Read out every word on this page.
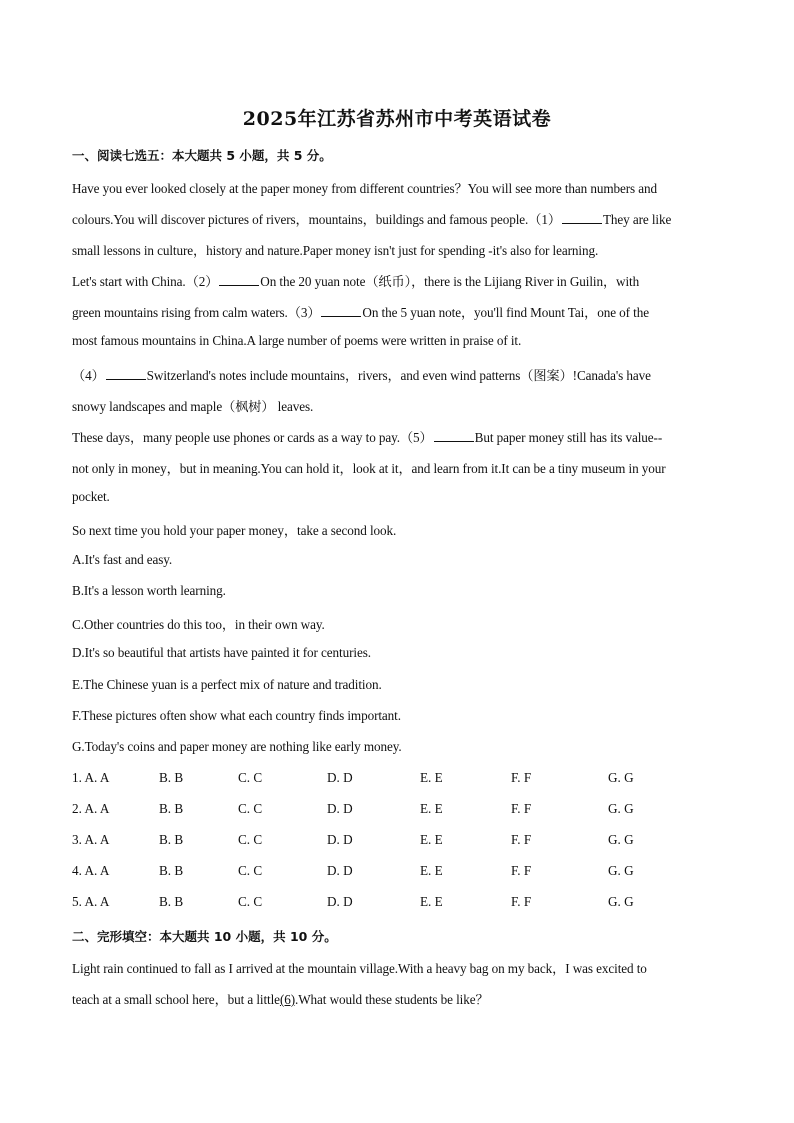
2025年江苏省苏州市中考英语试卷
一、阅读七选五：本大题共 5 小题，共 5 分。
Have you ever looked closely at the paper money from different countries？You will see more than numbers and
colours.You will discover pictures of rivers，mountains，buildings and famous people.（1）	They are like
small lessons in culture，history and nature.Paper money isn't just for spending -it's also for learning.
Let's start with China.（2）	On the 20 yuan note（纸币），there is the Lijiang River in Guilin，with
green mountains rising from calm waters.（3）	On the 5 yuan note，you'll find Mount Tai，one of the
most famous mountains in China.A large number of poems were written in praise of it.
（4）	Switzerland's notes include mountains，rivers，and even wind patterns（图案）!Canada's have
snowy landscapes and maple（枫树） leaves.
These days，many people use phones or cards as a way to pay.（5）	But paper money still has its value--
not only in money，but in meaning.You can hold it，look at it，and learn from it.It can be a tiny museum in your
pocket.
So next time you hold your paper money，take a second look.
A.It's fast and easy.
B.It's a lesson worth learning.
C.Other countries do this too，in their own way.
D.It's so beautiful that artists have painted it for centuries.
E.The Chinese yuan is a perfect mix of nature and tradition.
F.These pictures often show what each country finds important.
G.Today's coins and paper money are nothing like early money.
1. A. A	B. B	C. C	D. D	E. E	F. F	G. G
2. A. A	B. B	C. C	D. D	E. E	F. F	G. G
3. A. A	B. B	C. C	D. D	E. E	F. F	G. G
4. A. A	B. B	C. C	D. D	E. E	F. F	G. G
5. A. A	B. B	C. C	D. D	E. E	F. F	G. G
二、完形填空：本大题共 10 小题，共 10 分。
Light rain continued to fall as I arrived at the mountain village.With a heavy bag on my back，I was excited to
teach at a small school here，but a little(6).What would these students be like？
